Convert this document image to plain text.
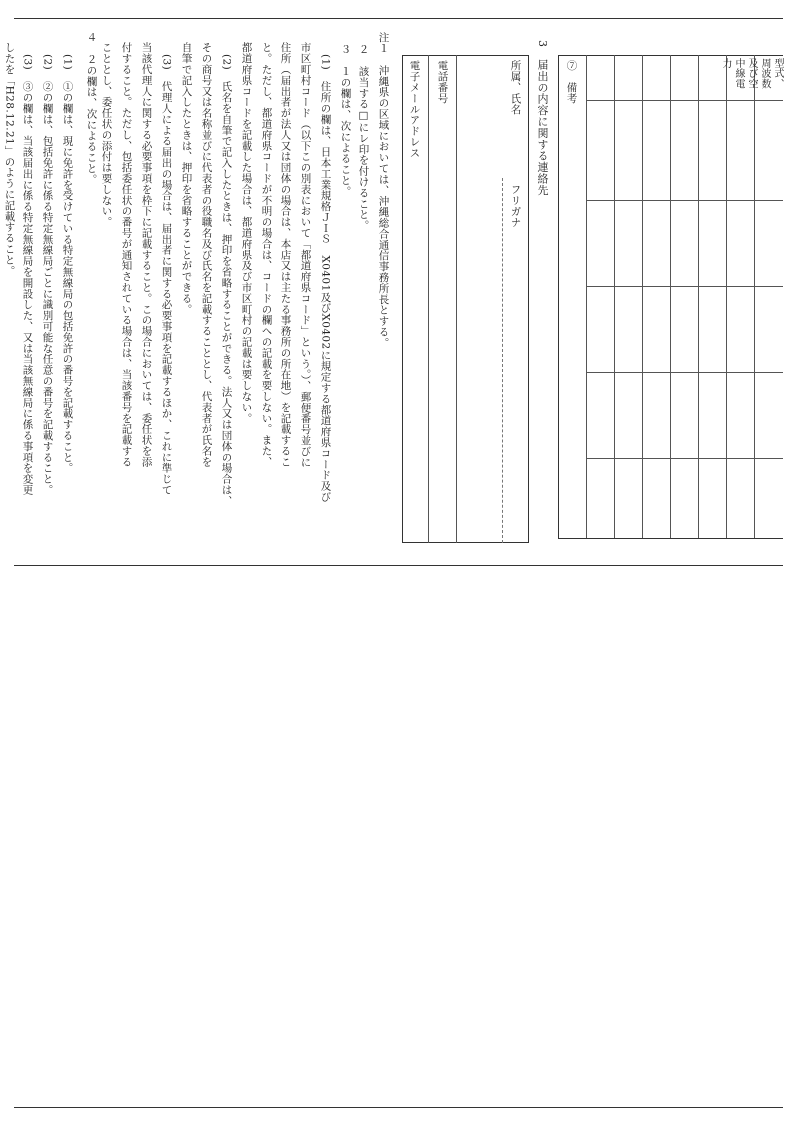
型式、周波数及び空中線電力
⑦　備考
3　届出の内容に関する連絡先
所属、氏名
フリガナ
電話番号
電子メールアドレス
注１　沖縄県の区域においては、沖縄総合通信事務所長とする。
２　該当する□にレ印を付けること。
３　１の欄は、次によること。
(1)　住所の欄は、日本工業規格ＪＩＳ　X0401及びX0402に規定する都道府県コード及び
市区町村コード（以下この別表において「都道府県コード」という。）、郵便番号並びに
住所（届出者が法人又は団体の場合は、本店又は主たる事務所の所在地）を記載するこ
と。ただし、都道府県コードが不明の場合は、コードの欄への記載を要しない。また、
都道府県コードを記載した場合は、都道府県及び市区町村の記載は要しない。
(2)　氏名を自筆で記入したときは、押印を省略することができる。法人又は団体の場合は、
その商号又は名称並びに代表者の役職名及び氏名を記載することとし、代表者が氏名を
自筆で記入したときは、押印を省略することができる。
(3)　代理人による届出の場合は、届出者に関する必要事項を記載するほか、これに準じて
当該代理人に関する必要事項を枠下に記載すること。この場合においては、委任状を添
付すること。ただし、包括委任状の番号が通知されている場合は、当該番号を記載する
こととし、委任状の添付は要しない。
４　２の欄は、次によること。
(1)　①の欄は、現に免許を受けている特定無線局の包括免許の番号を記載すること。
(2)　②の欄は、包括免許に係る特定無線局ごとに識別可能な任意の番号を記載すること。
(3)　③の欄は、当該届出に係る特定無線局を開設した、又は当該無線局に係る事項を変更
したを「H28.12.21」のように記載すること。
